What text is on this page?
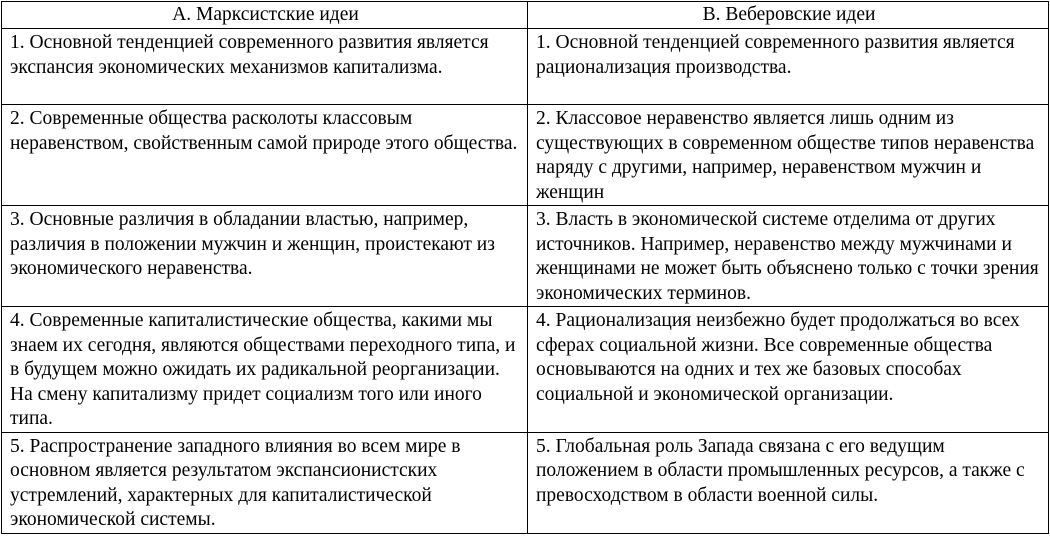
А. Марксистские идеи	В. Веберовские идеи
1. Основной тенденцией современного развития является экспансия экономических механизмов капитализма.	1. Основной тенденцией современного развития является рационализация производства.
2. Современные общества расколоты классовым неравенством, свойственным самой природе этого общества.	2. Классовое неравенство является лишь одним из существующих в современном обществе типов неравенства наряду с другими, например, неравенством мужчин и женщин
3. Основные различия в обладании властью, например, различия в положении мужчин и женщин, проистекают из экономического неравенства.	3. Власть в экономической системе отделима от других источников. Например, неравенство между мужчинами и женщинами не может быть объяснено только с точки зрения экономических терминов.
4. Современные капиталистические общества, какими мы знаем их сегодня, являются обществами переходного типа, и в будущем можно ожидать их радикальной реорганизации. На смену капитализму придет социализм того или иного типа.	4. Рационализация неизбежно будет продолжаться во всех сферах социальной жизни. Все современные общества основываются на одних и тех же базовых способах социальной и экономической организации.
5. Распространение западного влияния во всем мире в основном является результатом экспансионистских устремлений, характерных для капиталистической экономической системы.	5. Глобальная роль Запада связана с его ведущим положением в области промышленных ресурсов, а также с превосходством в области военной силы.
